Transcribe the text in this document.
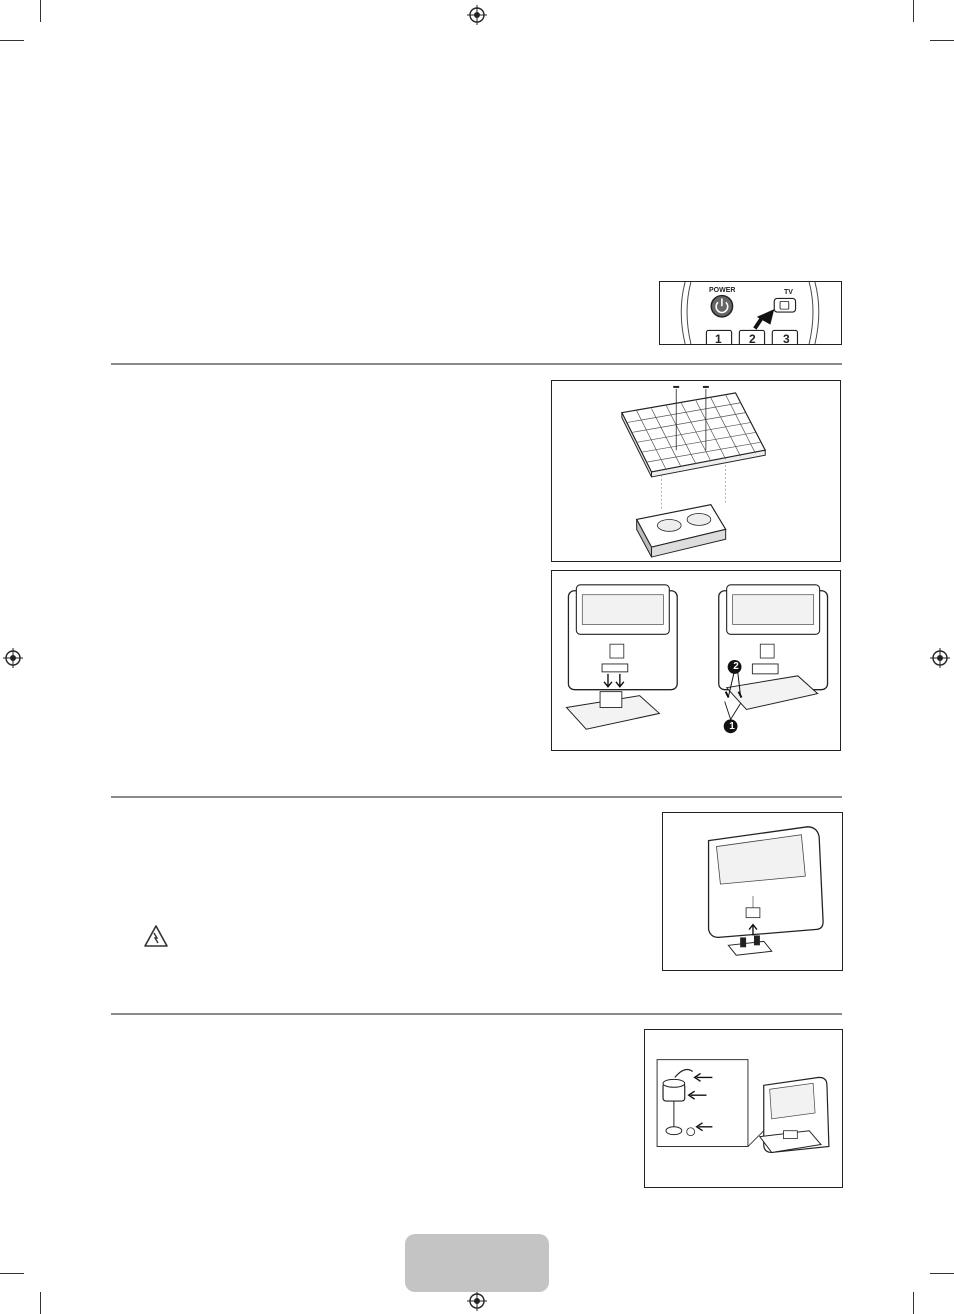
POWER	TV
1 2 3
2
1
